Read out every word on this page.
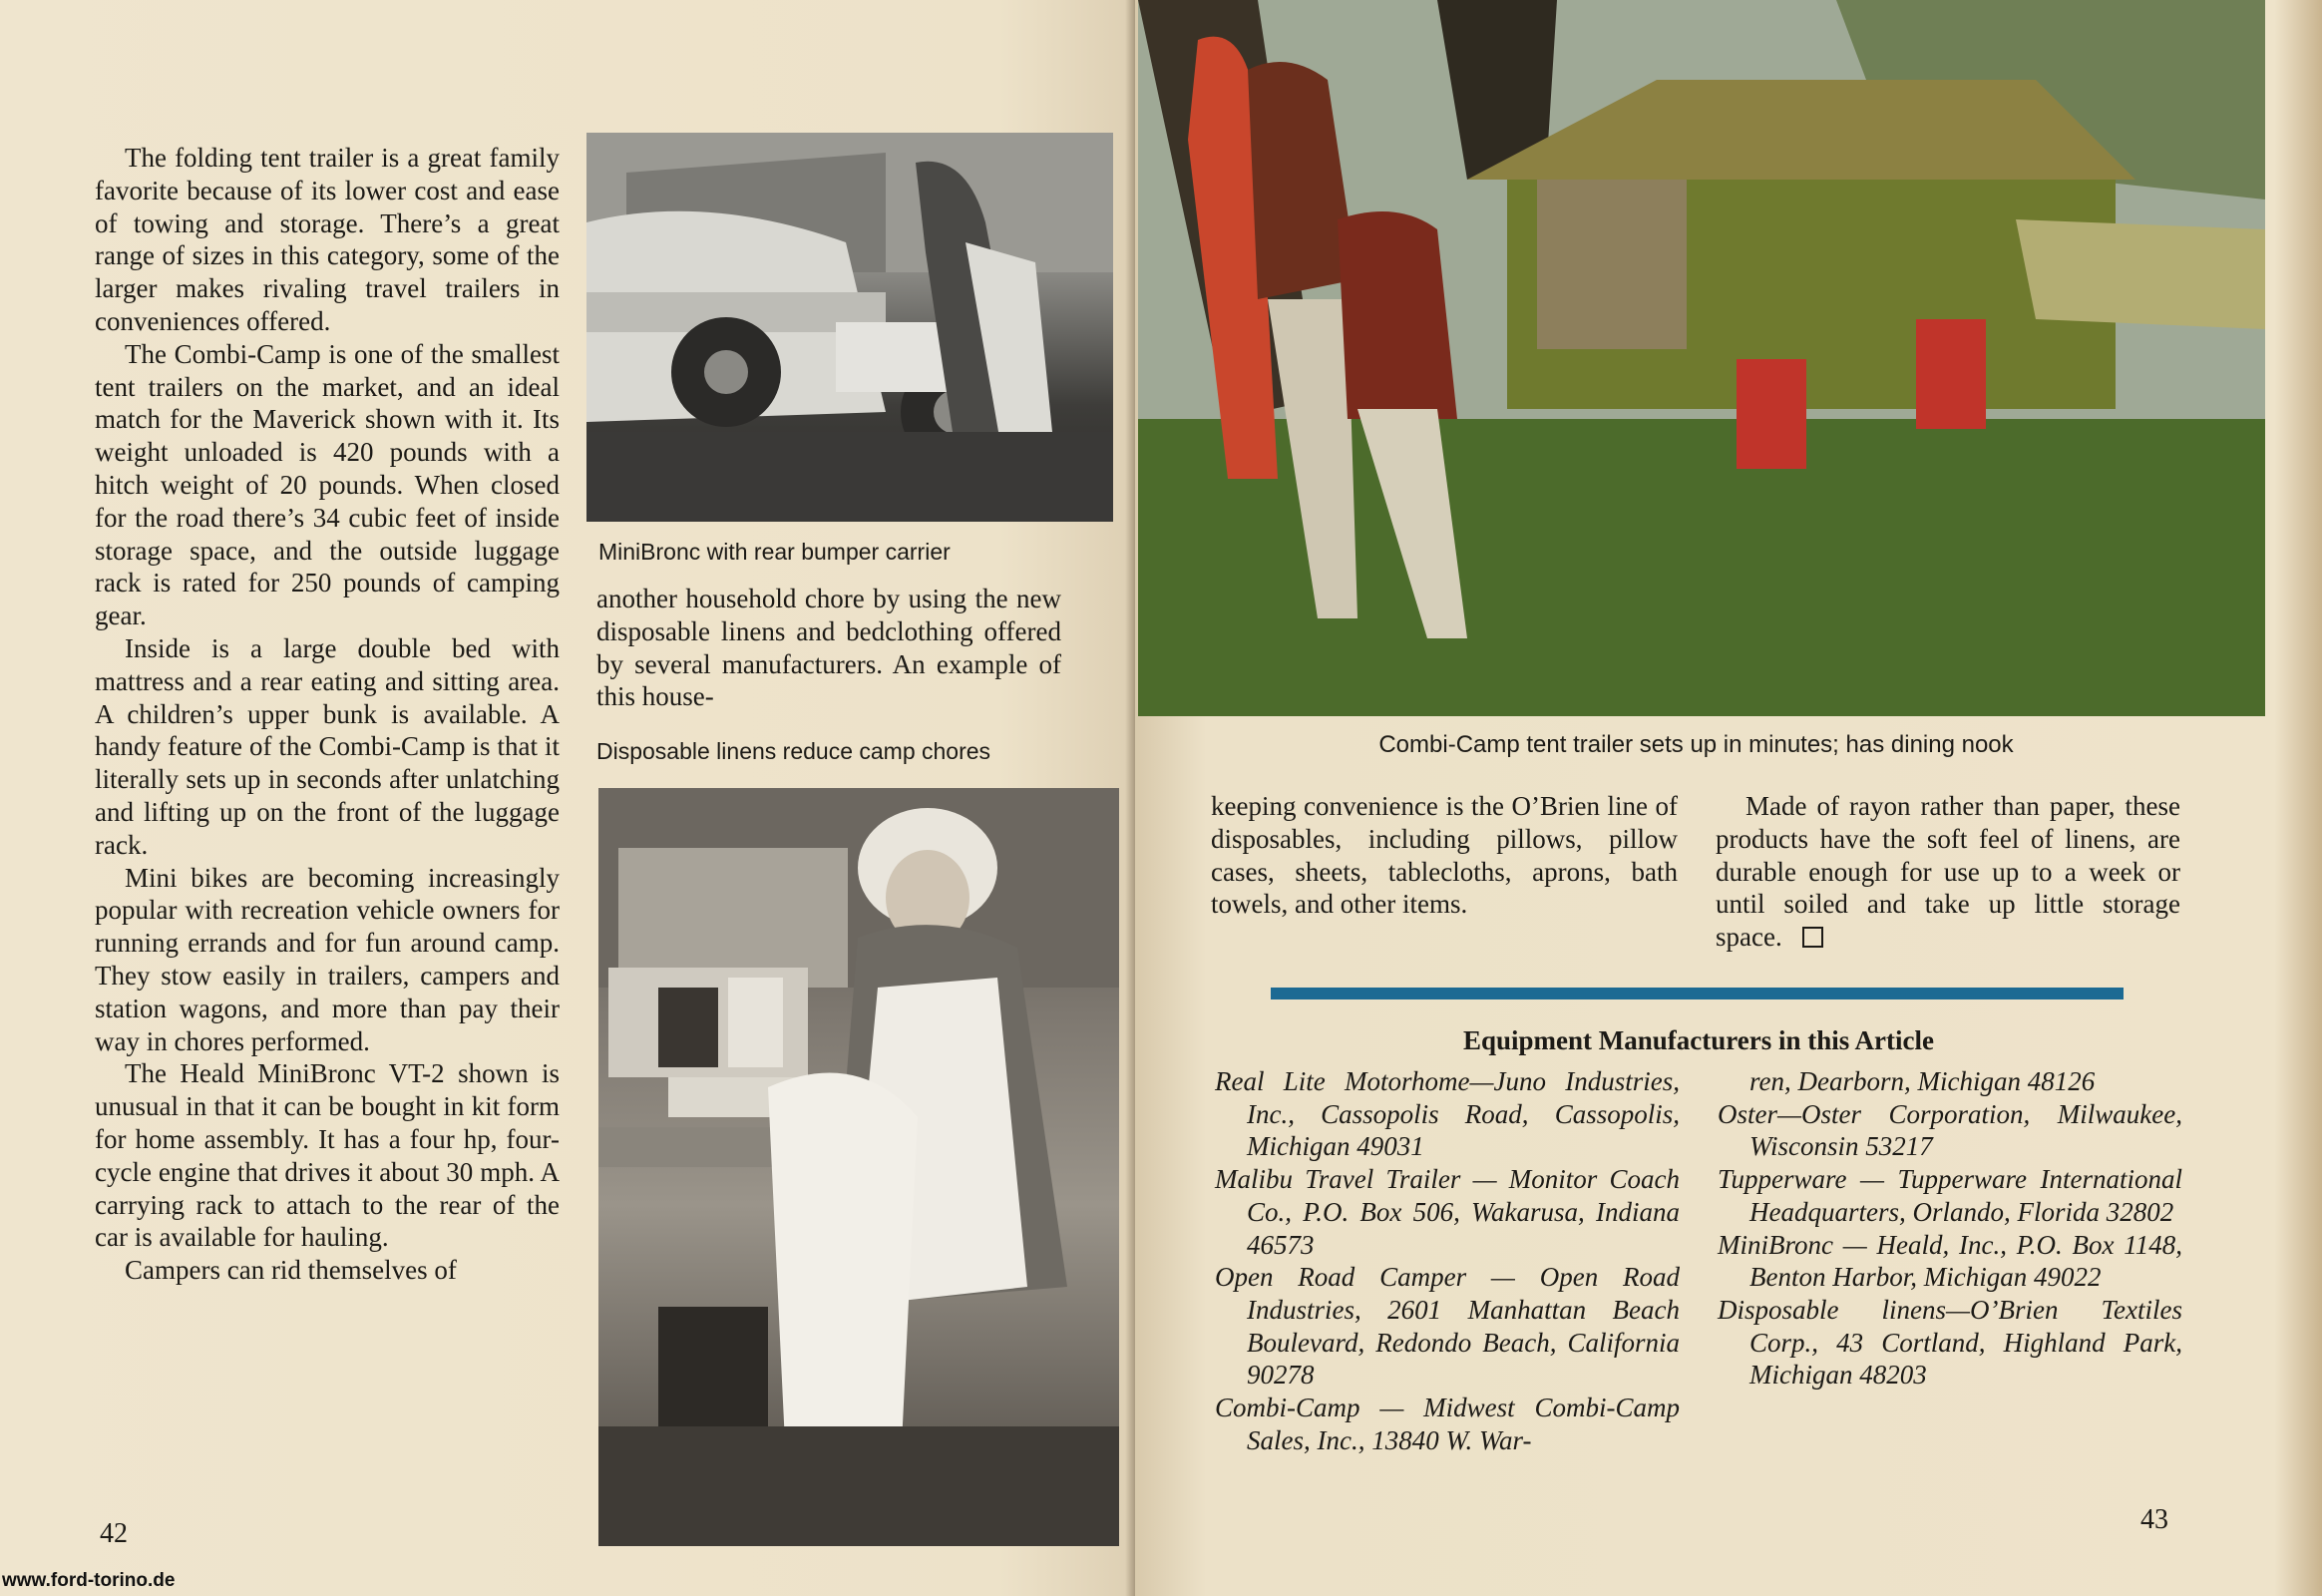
The folding tent trailer is a great family favorite because of its lower cost and ease of towing and storage. There’s a great range of sizes in this category, some of the larger makes rivaling travel trailers in conveniences offered.

The Combi-Camp is one of the smallest tent trailers on the market, and an ideal match for the Maverick shown with it. Its weight unloaded is 420 pounds with a hitch weight of 20 pounds. When closed for the road there’s 34 cubic feet of inside storage space, and the outside luggage rack is rated for 250 pounds of camping gear.

Inside is a large double bed with mattress and a rear eating and sitting area. A children’s upper bunk is available. A handy feature of the Combi-Camp is that it literally sets up in seconds after unlatching and lifting up on the front of the luggage rack.

Mini bikes are becoming increasingly popular with recreation vehicle owners for running errands and for fun around camp. They stow easily in trailers, campers and station wagons, and more than pay their way in chores performed.

The Heald MiniBronc VT-2 shown is unusual in that it can be bought in kit form for home assembly. It has a four hp, four-cycle engine that drives it about 30 mph. A carrying rack to attach to the rear of the car is available for hauling.

Campers can rid themselves of

MiniBronc with rear bumper carrier

another household chore by using the new disposable linens and bedclothing offered by several manufacturers. An example of this house-

Disposable linens reduce camp chores
42
www.ford-torino.de
Combi-Camp tent trailer sets up in minutes; has dining nook

keeping convenience is the O’Brien line of disposables, including pillows, pillow cases, sheets, tablecloths, aprons, bath towels, and other items.

Made of rayon rather than paper, these products have the soft feel of linens, are durable enough for use up to a week or until soiled and take up little storage space.

Equipment Manufacturers in this Article

Real Lite Motorhome—Juno Industries, Inc., Cassopolis Road, Cassopolis, Michigan 49031

Malibu Travel Trailer — Monitor Coach Co., P.O. Box 506, Wakarusa, Indiana 46573

Open Road Camper — Open Road Industries, 2601 Manhattan Beach Boulevard, Redondo Beach, California 90278

Combi-Camp — Midwest Combi-Camp Sales, Inc., 13840 W. War-

ren, Dearborn, Michigan 48126

Oster—Oster Corporation, Milwaukee, Wisconsin 53217

Tupperware — Tupperware International Headquarters, Orlando, Florida 32802

MiniBronc — Heald, Inc., P.O. Box 1148, Benton Harbor, Michigan 49022

Disposable linens—O’Brien Textiles Corp., 43 Cortland, Highland Park, Michigan 48203

43
